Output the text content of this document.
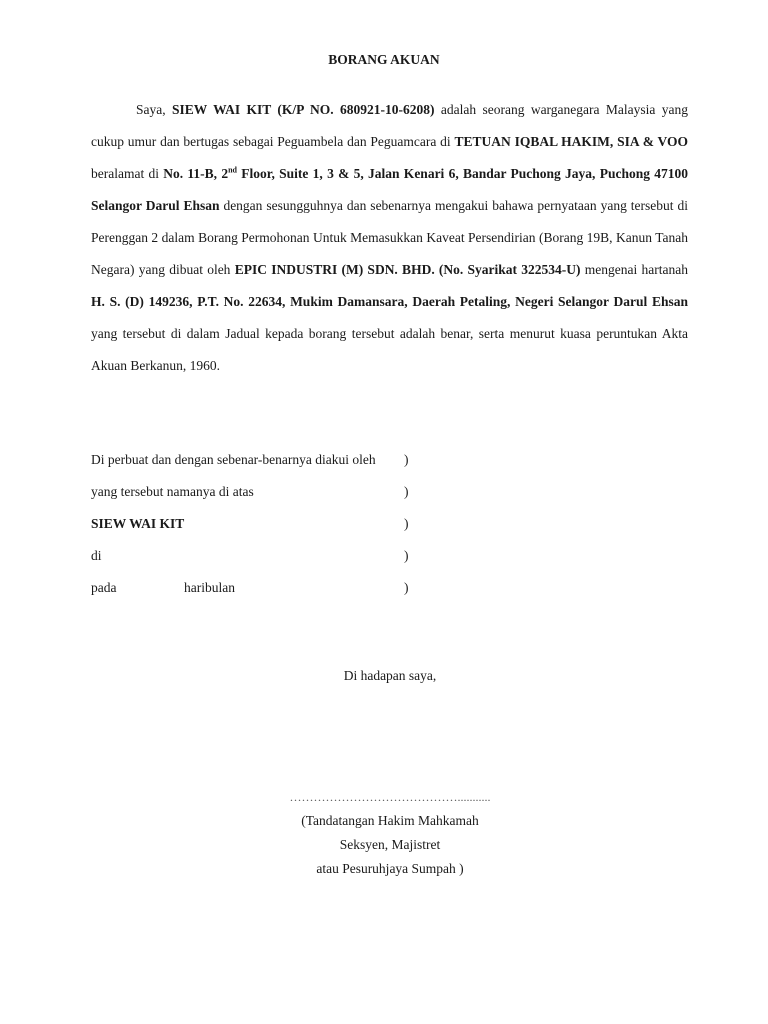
BORANG AKUAN
Saya, SIEW WAI KIT (K/P NO. 680921-10-6208) adalah seorang warganegara Malaysia yang cukup umur dan bertugas sebagai Peguambela dan Peguamcara di TETUAN IQBAL HAKIM, SIA & VOO beralamat di No. 11-B, 2nd Floor, Suite 1, 3 & 5, Jalan Kenari 6, Bandar Puchong Jaya, Puchong 47100 Selangor Darul Ehsan dengan sesungguhnya dan sebenarnya mengakui bahawa pernyataan yang tersebut di Perenggan 2 dalam Borang Permohonan Untuk Memasukkan Kaveat Persendirian (Borang 19B, Kanun Tanah Negara) yang dibuat oleh EPIC INDUSTRI (M) SDN. BHD. (No. Syarikat 322534-U) mengenai hartanah H. S. (D) 149236, P.T. No. 22634, Mukim Damansara, Daerah Petaling, Negeri Selangor Darul Ehsan yang tersebut di dalam Jadual kepada borang tersebut adalah benar, serta menurut kuasa peruntukan Akta Akuan Berkanun, 1960.
Di perbuat dan dengan sebenar-benarnya diakui oleh )
yang tersebut namanya di atas	)
SIEW WAI KIT	)
di	)
pada	haribulan	)
Di hadapan saya,
……………………………………...........
(Tandatangan Hakim Mahkamah
Seksyen, Majistret
atau Pesuruhjaya Sumpah )
